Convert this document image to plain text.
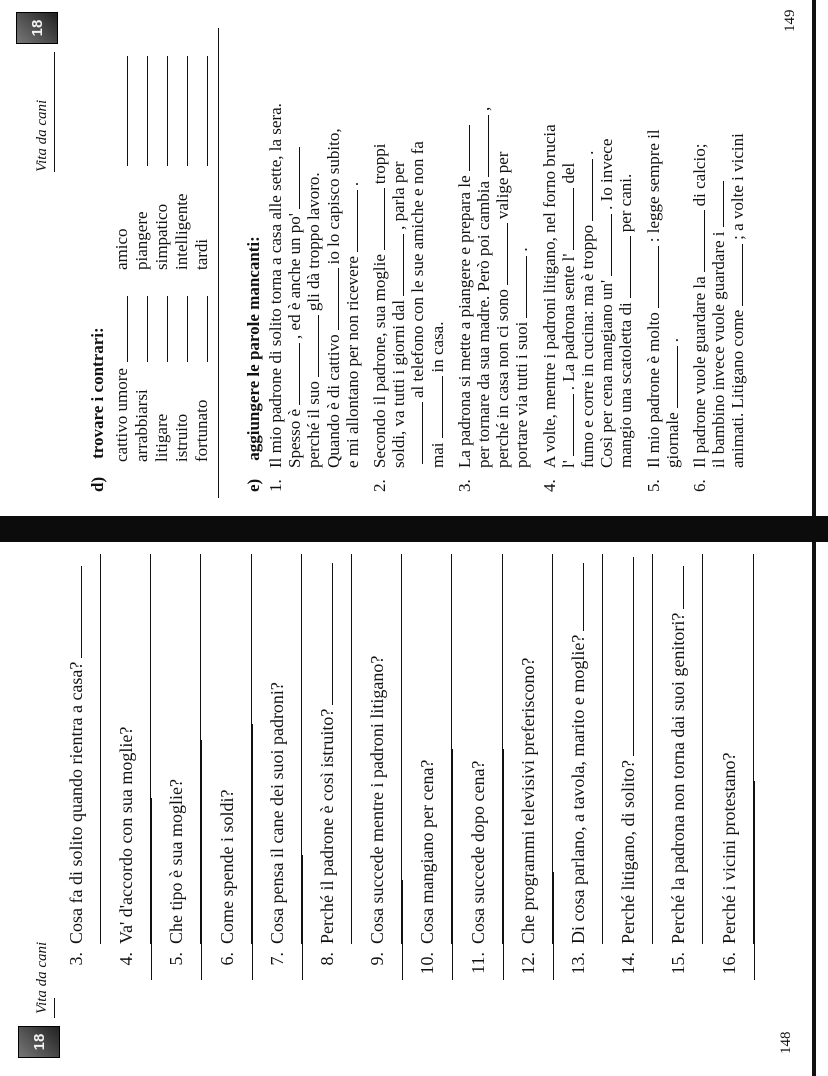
18
Vita da cani
148
3.Cosa fa di solito quando rientra a casa?
4.Va' d'accordo con sua moglie?
5.Che tipo è sua moglie?
6.Come spende i soldi?
7.Cosa pensa il cane dei suoi padroni?
8.Perché il padrone è così istruito?
9.Cosa succede mentre i padroni litigano?
10.Cosa mangiano per cena?
11.Cosa succede dopo cena?
12.Che programmi televisivi preferiscono?
13.Di cosa parlano, a tavola, marito e moglie?
14.Perché litigano, di solito?
15.Perché la padrona non torna dai suoi genitori?
16.Perché i vicini protestano?
Vita da cani
18	149
d) trovare i contrari: cattivo umore
amico
arrabbiarsi
piangere
litigare
simpatico
istruito
intelligente
fortunato
tardi
e) aggiungere le parole mancanti:
1.
Il mio padrone di solito torna a casa alle sette, la sera. Spesso è, ed è anche un po'
perché il suogli dà troppo lavoro.
Quando è di cattivoio lo capisco subito,
e mi allontano per non ricevere.
2.
Secondo il padrone, sua moglietroppi
soldi, va tutti i giorni dal, parla per al telefono con le sue amiche e non fa
maiin casa.
3.
La padrona si mette a piangere e prepara le per tornare da sua madre. Però poi cambia,
perché in casa non ci sonovalige per
portare via tutti i suoi.
4.
A volte, mentre i padroni litigano, nel forno brucia l'. La padrona sente l'del
fumo e corre in cucina: ma è troppo.
Così per cena mangiano un'. Io invece
mangio una scatoletta diper cani.
5.
Il mio padrone è molto: legge sempre il
giornale.
6.
Il padrone vuole guardare ladi calcio;
il bambino invece vuole guardare i animati. Litigano come; a volte i vicini
